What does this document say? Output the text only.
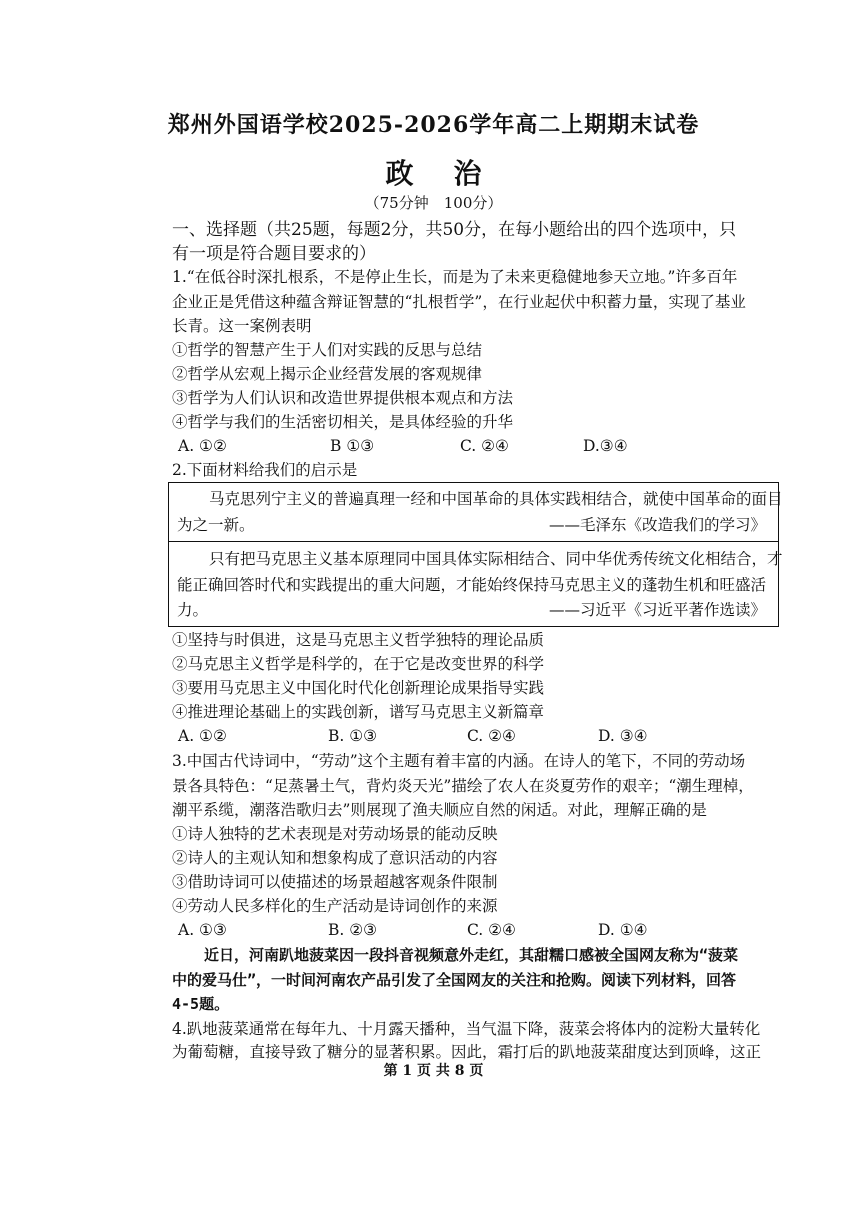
郑州外国语学校2025-2026学年高二上期期末试卷
政治
（75分钟　100分）
一、选择题（共25题，每题2分，共50分，在每小题给出的四个选项中，只
有一项是符合题目要求的）
1.“在低谷时深扎根系，不是停止生长，而是为了未来更稳健地参天立地。”许多百年
企业正是凭借这种蕴含辩证智慧的“扎根哲学”，在行业起伏中积蓄力量，实现了基业
长青。这一案例表明
①哲学的智慧产生于人们对实践的反思与总结
②哲学从宏观上揭示企业经营发展的客观规律
③哲学为人们认识和改造世界提供根本观点和方法
④哲学与我们的生活密切相关，是具体经验的升华
A. ①②	B ①③	C. ②④	D.③④
2.下面材料给我们的启示是
马克思列宁主义的普遍真理一经和中国革命的具体实践相结合，就使中国革命的面目
为之一新。	——毛泽东《改造我们的学习》
只有把马克思主义基本原理同中国具体实际相结合、同中华优秀传统文化相结合，才
能正确回答时代和实践提出的重大问题，才能始终保持马克思主义的蓬勃生机和旺盛活
力。	——习近平《习近平著作选读》
①坚持与时俱进，这是马克思主义哲学独特的理论品质
②马克思主义哲学是科学的，在于它是改变世界的科学
③要用马克思主义中国化时代化创新理论成果指导实践
④推进理论基础上的实践创新，谱写马克思主义新篇章
A. ①②	B. ①③	C. ②④	D. ③④
3.中国古代诗词中，“劳动”这个主题有着丰富的内涵。在诗人的笔下，不同的劳动场
景各具特色：“足蒸暑土气，背灼炎天光”描绘了农人在炎夏劳作的艰辛；“潮生理棹，
潮平系缆，潮落浩歌归去”则展现了渔夫顺应自然的闲适。对此，理解正确的是
①诗人独特的艺术表现是对劳动场景的能动反映
②诗人的主观认知和想象构成了意识活动的内容
③借助诗词可以使描述的场景超越客观条件限制
④劳动人民多样化的生产活动是诗词创作的来源
A. ①③	B. ②③	C. ②④	D. ①④
近日，河南趴地菠菜因一段抖音视频意外走红，其甜糯口感被全国网友称为“菠菜
中的爱马仕”，一时间河南农产品引发了全国网友的关注和抢购。阅读下列材料，回答
4-5题。
4.趴地菠菜通常在每年九、十月露天播种，当气温下降，菠菜会将体内的淀粉大量转化
为葡萄糖，直接导致了糖分的显著积累。因此，霜打后的趴地菠菜甜度达到顶峰，这正
第 1 页 共 8 页
